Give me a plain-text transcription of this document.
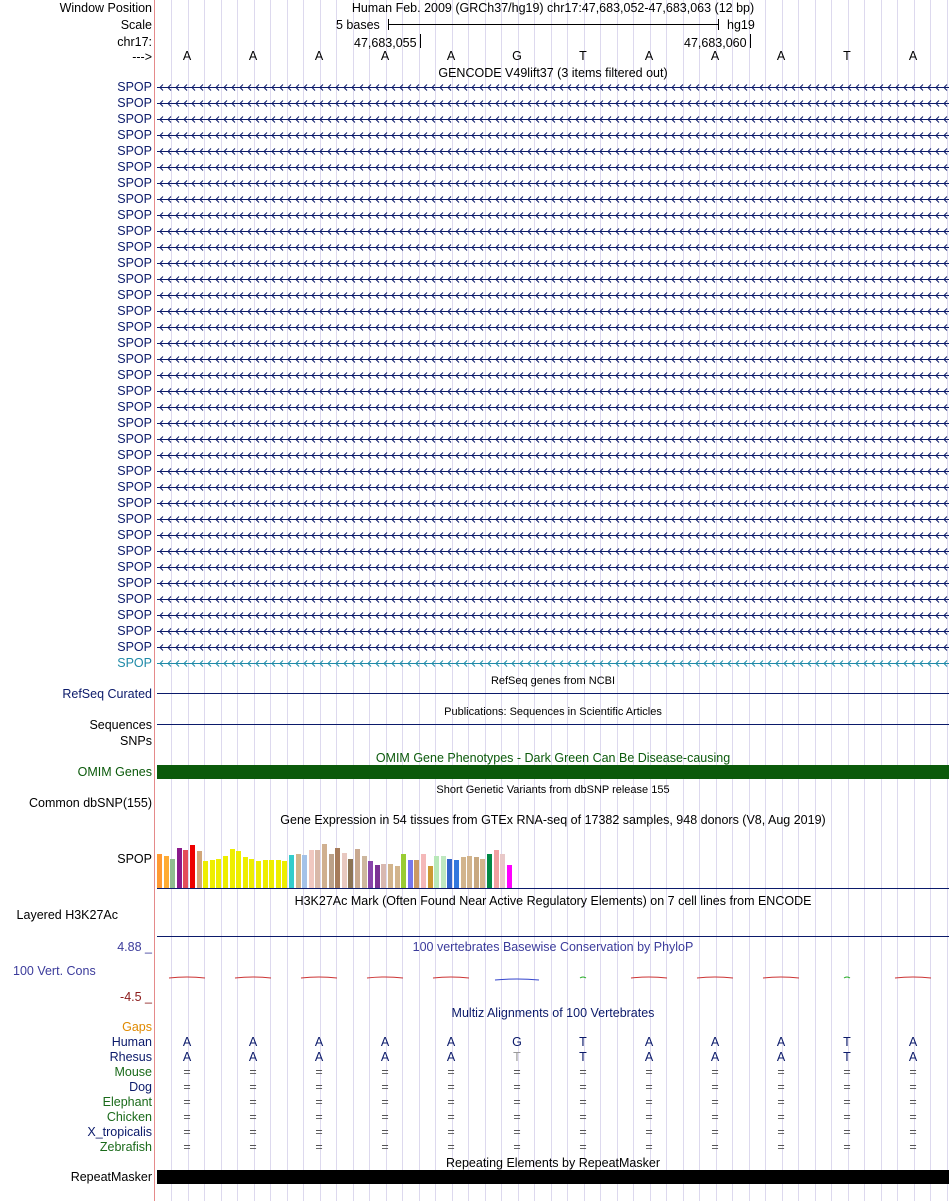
Window Position	Human Feb. 2009 (GRCh37/hg19) chr17:47,683,052-47,683,063 (12 bp)
Scale	5 bases	hg19
chr17:	47,683,055	47,683,060
--->	A	A	A	A	A	G	T	A	A	A	T	A
GENCODE V49lift37 (3 items filtered out)
SPOP
SPOP
SPOP
SPOP
SPOP
SPOP
SPOP
SPOP
SPOP
SPOP
SPOP
SPOP
SPOP
SPOP
SPOP
SPOP
SPOP
SPOP
SPOP
SPOP
SPOP
SPOP
SPOP
SPOP
SPOP
SPOP
SPOP
SPOP
SPOP
SPOP
SPOP
SPOP
SPOP
SPOP
SPOP
SPOP
SPOP
RefSeq genes from NCBI
RefSeq Curated
Publications: Sequences in Scientific Articles
Sequences
SNPs
OMIM Gene Phenotypes - Dark Green Can Be Disease-causing
OMIM Genes
Short Genetic Variants from dbSNP release 155
Common dbSNP(155)
Gene Expression in 54 tissues from GTEx RNA-seq of 17382 samples, 948 donors (V8, Aug 2019)
SPOP
H3K27Ac Mark (Often Found Near Active Regulatory Elements) on 7 cell lines from ENCODE
Layered H3K27Ac
100 vertebrates Basewise Conservation by PhyloP
4.88 _
100 Vert. Cons
-4.5 _
Multiz Alignments of 100 Vertebrates
Gaps
Human	A	A	A	A	A	G	T	A	A	A	T	A
Rhesus	A	A	A	A	A	T	T	A	A	A	T	A
Mouse	=	=	=	=	=	=	=	=	=	=	=	=
Dog	=	=	=	=	=	=	=	=	=	=	=	=
Elephant	=	=	=	=	=	=	=	=	=	=	=	=
Chicken	=	=	=	=	=	=	=	=	=	=	=	=
X_tropicalis	=	=	=	=	=	=	=	=	=	=	=	=
Zebrafish	=	=	=	=	=	=	=	=	=	=	=	=
Repeating Elements by RepeatMasker
RepeatMasker
